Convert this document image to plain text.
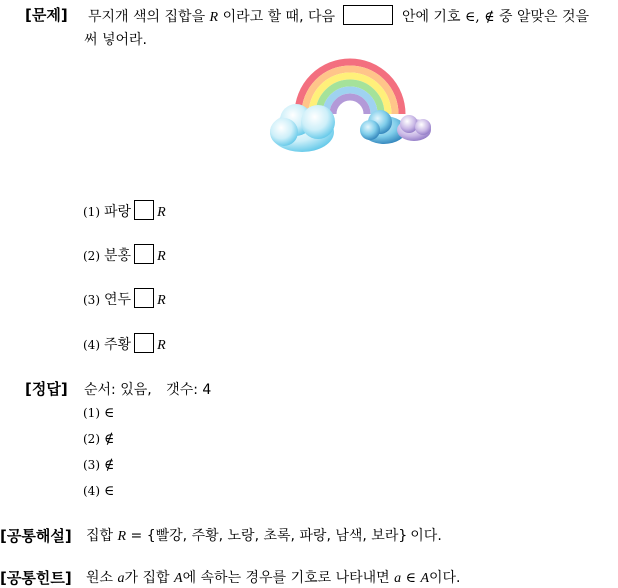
[문제] 무지개 색의 집합을 R 이라고 할 때, 다음	안에 기호 ∈, ∉ 중 알맞은 것을
써 넣어라.
(1) 파랑 R
(2) 분홍 R
(3) 연두 R
(4) 주황 R
[정답] 순서: 있음, 갯수: 4
(1) ∈
(2) ∉
(3) ∉
(4) ∈
[공통해설] 집합 R = {빨강, 주황, 노랑, 초록, 파랑, 남색, 보라} 이다.
[공통힌트] 원소 a가 집합 A에 속하는 경우를 기호로 나타내면 a ∈ A이다.
